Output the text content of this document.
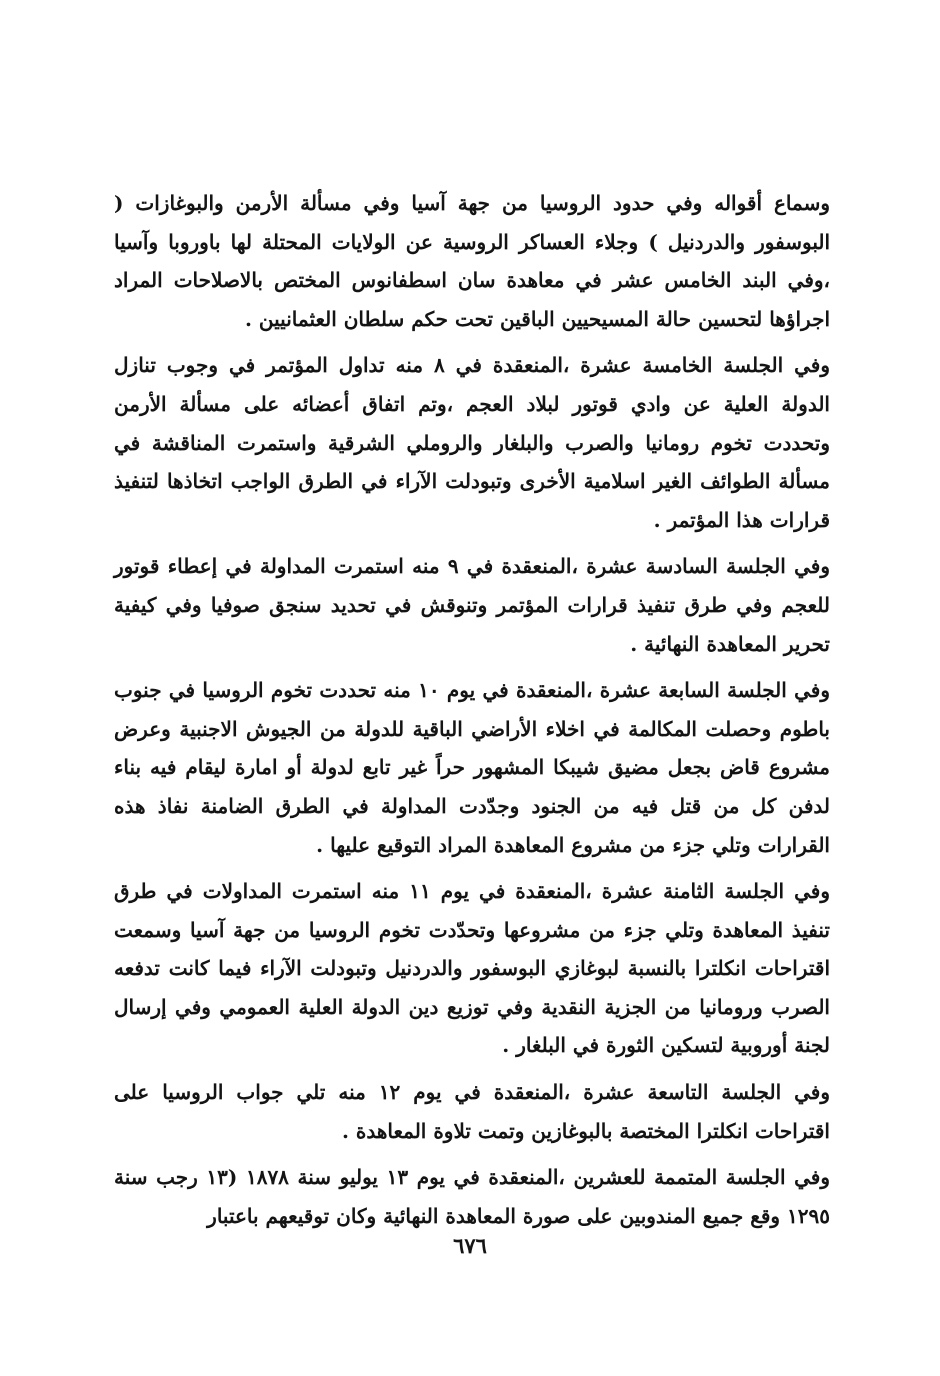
وسماع أقواله وفي حدود الروسيا من جهة آسيا وفي مسألة الأرمن والبوغازات ( البوسفور والدردنيل ) وجلاء العساكر الروسية عن الولايات المحتلة لها باوروبا وآسيا ،وفي البند الخامس عشر في معاهدة سان اسطفانوس المختص بالاصلاحات المراد اجراؤها لتحسين حالة المسيحيين الباقين تحت حكم سلطان العثمانيين .

وفي الجلسة الخامسة عشرة ،المنعقدة في ٨ منه تداول المؤتمر في وجوب تنازل الدولة العلية عن وادي قوتور لبلاد العجم ،وتم اتفاق أعضائه على مسألة الأرمن وتحددت تخوم رومانيا والصرب والبلغار والروملي الشرقية واستمرت المناقشة في مسألة الطوائف الغير اسلامية الأخرى وتبودلت الآراء في الطرق الواجب اتخاذها لتنفيذ قرارات هذا المؤتمر .

وفي الجلسة السادسة عشرة ،المنعقدة في ٩ منه استمرت المداولة في إعطاء قوتور للعجم وفي طرق تنفيذ قرارات المؤتمر وتنوقش في تحديد سنجق صوفيا وفي كيفية تحرير المعاهدة النهائية .

وفي الجلسة السابعة عشرة ،المنعقدة في يوم ١٠ منه تحددت تخوم الروسيا في جنوب باطوم وحصلت المكالمة في اخلاء الأراضي الباقية للدولة من الجيوش الاجنبية وعرض مشروع قاض بجعل مضيق شيبكا المشهور حراً غير تابع لدولة أو امارة ليقام فيه بناء لدفن كل من قتل فيه من الجنود وجدّدت المداولة في الطرق الضامنة نفاذ هذه القرارات وتلي جزء من مشروع المعاهدة المراد التوقيع عليها .

وفي الجلسة الثامنة عشرة ،المنعقدة في يوم ١١ منه استمرت المداولات في طرق تنفيذ المعاهدة وتلي جزء من مشروعها وتحدّدت تخوم الروسيا من جهة آسيا وسمعت اقتراحات انكلترا بالنسبة لبوغازي البوسفور والدردنيل وتبودلت الآراء فيما كانت تدفعه الصرب ورومانيا من الجزية النقدية وفي توزيع دين الدولة العلية العمومي وفي إرسال لجنة أوروبية لتسكين الثورة في البلغار .

وفي الجلسة التاسعة عشرة ،المنعقدة في يوم ١٢ منه تلي جواب الروسيا على اقتراحات انكلترا المختصة بالبوغازين وتمت تلاوة المعاهدة .

وفي الجلسة المتممة للعشرين ،المنعقدة في يوم ١٣ يوليو سنة ١٨٧٨ (١٣ رجب سنة ١٢٩٥ وقع جميع المندوبين على صورة المعاهدة النهائية وكان توقيعهم باعتبار

٦٧٦
